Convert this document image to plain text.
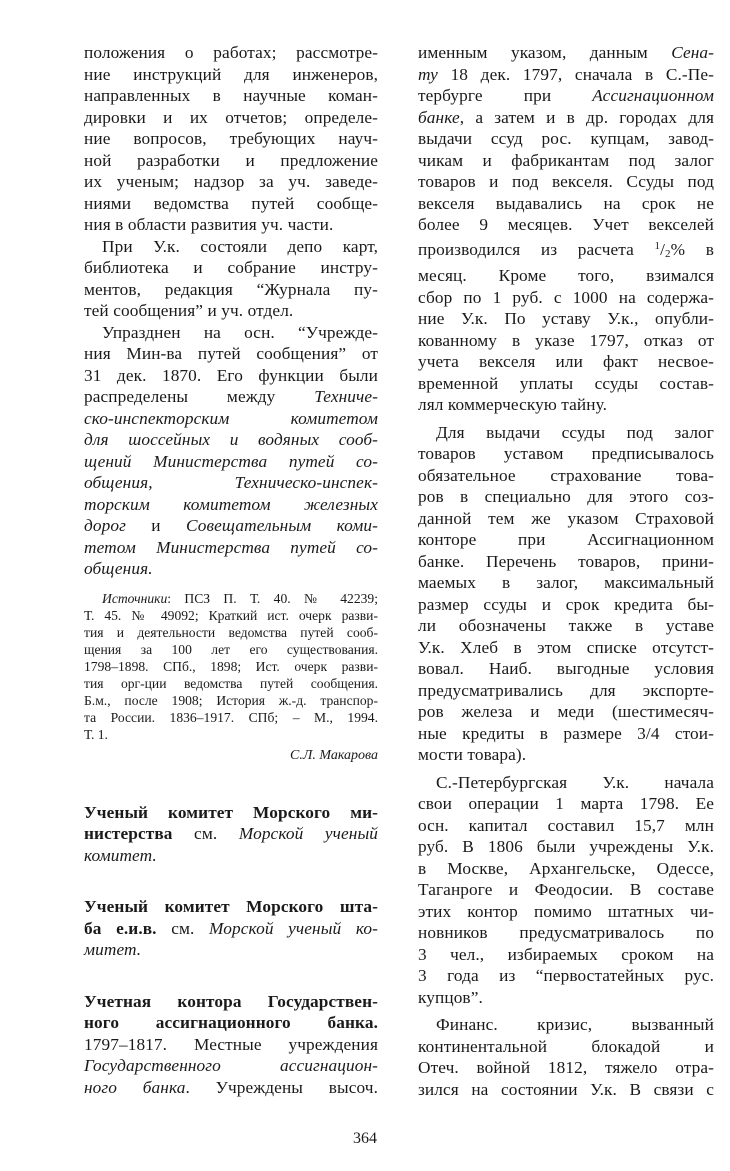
положения о работах; рассмотре-
ние инструкций для инженеров,
направленных в научные коман-
дировки и их отчетов; определе-
ние вопросов, требующих науч-
ной разработки и предложение
их ученым; надзор за уч. заведе-
ниями ведомства путей сообще-
ния в области развития уч. части.

При У.к. состояли депо карт,
библиотека и собрание инстру-
ментов, редакция “Журнала пу-
тей сообщения” и уч. отдел.

Упразднен на осн. “Учрежде-
ния Мин-ва путей сообщения” от
31 дек. 1870. Его функции были
распределены между Техниче-
ско-инспекторским комитетом
для шоссейных и водяных сооб-
щений Министерства путей со-
общения, Техническо-инспек-
торским комитетом железных
дорог и Совещательным коми-
тетом Министерства путей со-
общения.

Источники: ПСЗ П. Т. 40. № 42239;
Т. 45. № 49092; Краткий ист. очерк разви-
тия и деятельности ведомства путей сооб-
щения за 100 лет его существования.
1798–1898. СПб., 1898; Ист. очерк разви-
тия орг-ции ведомства путей сообщения.
Б.м., после 1908; История ж.-д. транспор-
та России. 1836–1917. СПб; – М., 1994.
Т. 1.
С.Л. Макарова

Ученый комитет Морского ми-
нистерства см. Морской ученый
комитет.

Ученый комитет Морского шта-
ба е.и.в. см. Морской ученый ко-
митет.

Учетная контора Государствен-
ного ассигнационного банка.
1797–1817. Местные учреждения
Государственного ассигнацион-
ного банка. Учреждены высоч.

именным указом, данным Сена-
ту 18 дек. 1797, сначала в С.-Пе-
тербурге при Ассигнационном
банке, а затем и в др. городах для
выдачи ссуд рос. купцам, завод-
чикам и фабрикантам под залог
товаров и под векселя. Ссуды под
векселя выдавались на срок не
более 9 месяцев. Учет векселей
производился из расчета $^1$/2% в
месяц. Кроме того, взимался
сбор по 1 руб. с 1000 на содержа-
ние У.к. По уставу У.к., опубли-
кованному в указе 1797, отказ от
учета векселя или факт несвое-
временной уплаты ссуды состав-
лял коммерческую тайну.

Для выдачи ссуды под залог
товаров уставом предписывалось
обязательное страхование това-
ров в специально для этого соз-
данной тем же указом Страховой
конторе при Ассигнационном
банке. Перечень товаров, прини-
маемых в залог, максимальный
размер ссуды и срок кредита бы-
ли обозначены также в уставе
У.к. Хлеб в этом списке отсутст-
вовал. Наиб. выгодные условия
предусматривались для экспорте-
ров железа и меди (шестимесяч-
ные кредиты в размере 3/4 стои-
мости товара).

С.-Петербургская У.к. начала
свои операции 1 марта 1798. Ее
осн. капитал составил 15,7 млн
руб. В 1806 были учреждены У.к.
в Москве, Архангельске, Одессе,
Таганроге и Феодосии. В составе
этих контор помимо штатных чи-
новников предусматривалось по
3 чел., избираемых сроком на
3 года из “первостатейных рус.
купцов”.

Финанс. кризис, вызванный
континентальной блокадой и
Отеч. войной 1812, тяжело отра-
зился на состоянии У.к. В связи с

364
